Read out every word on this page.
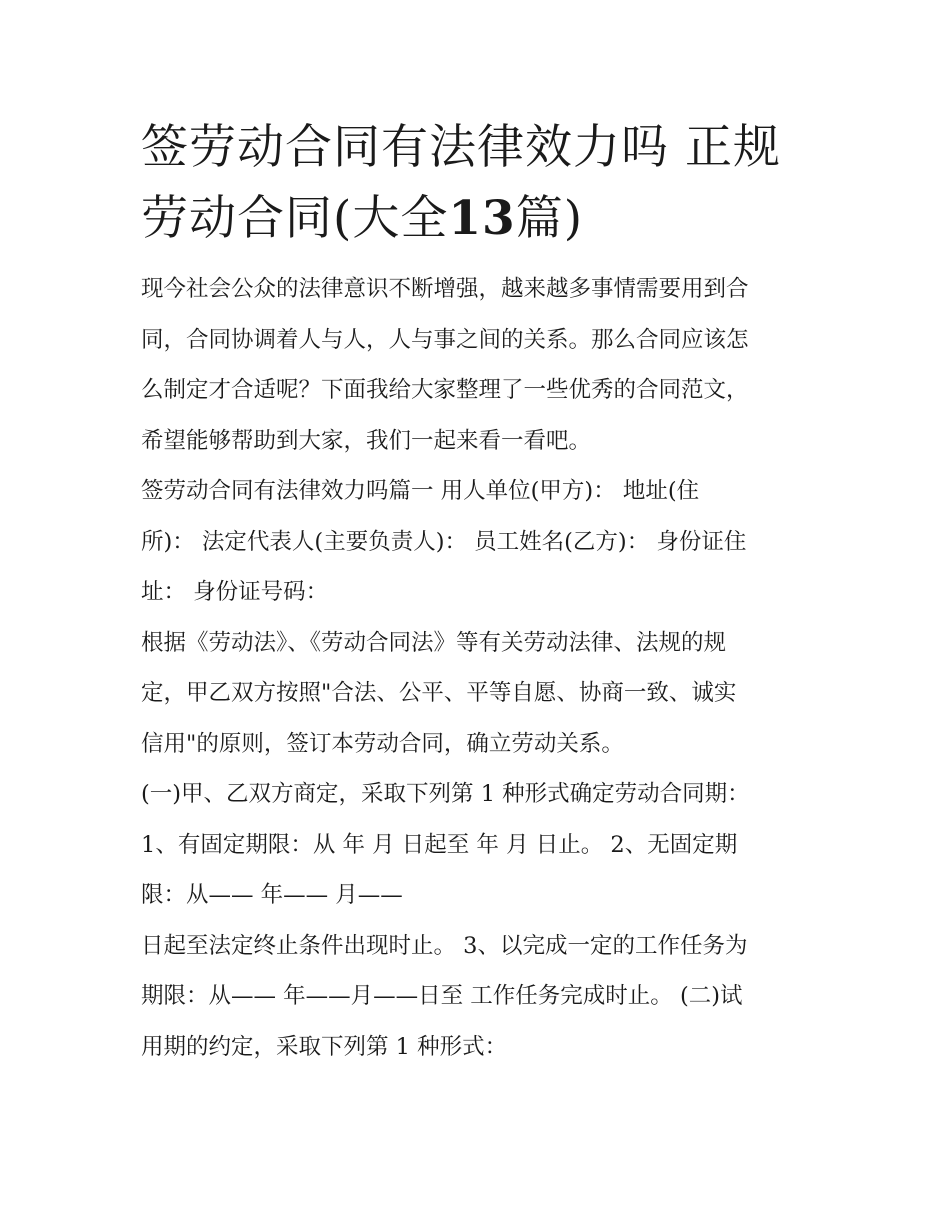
签劳动合同有法律效力吗 正规
劳动合同(大全13篇)

现今社会公众的法律意识不断增强，越来越多事情需要用到合
同，合同协调着人与人，人与事之间的关系。那么合同应该怎
么制定才合适呢？下面我给大家整理了一些优秀的合同范文，
希望能够帮助到大家，我们一起来看一看吧。

签劳动合同有法律效力吗篇一 用人单位(甲方)： 地址(住
所)： 法定代表人(主要负责人)： 员工姓名(乙方)： 身份证住
址： 身份证号码：

根据《劳动法》、《劳动合同法》等有关劳动法律、法规的规
定，甲乙双方按照"合法、公平、平等自愿、协商一致、诚实
信用"的原则，签订本劳动合同，确立劳动关系。

(一)甲、乙双方商定，采取下列第 1 种形式确定劳动合同期：
1、有固定期限：从 年 月 日起至 年 月 日止。 2、无固定期
限：从—— 年—— 月——

日起至法定终止条件出现时止。 3、以完成一定的工作任务为
期限：从—— 年——月——日至 工作任务完成时止。 (二)试
用期的约定，采取下列第 1 种形式：
